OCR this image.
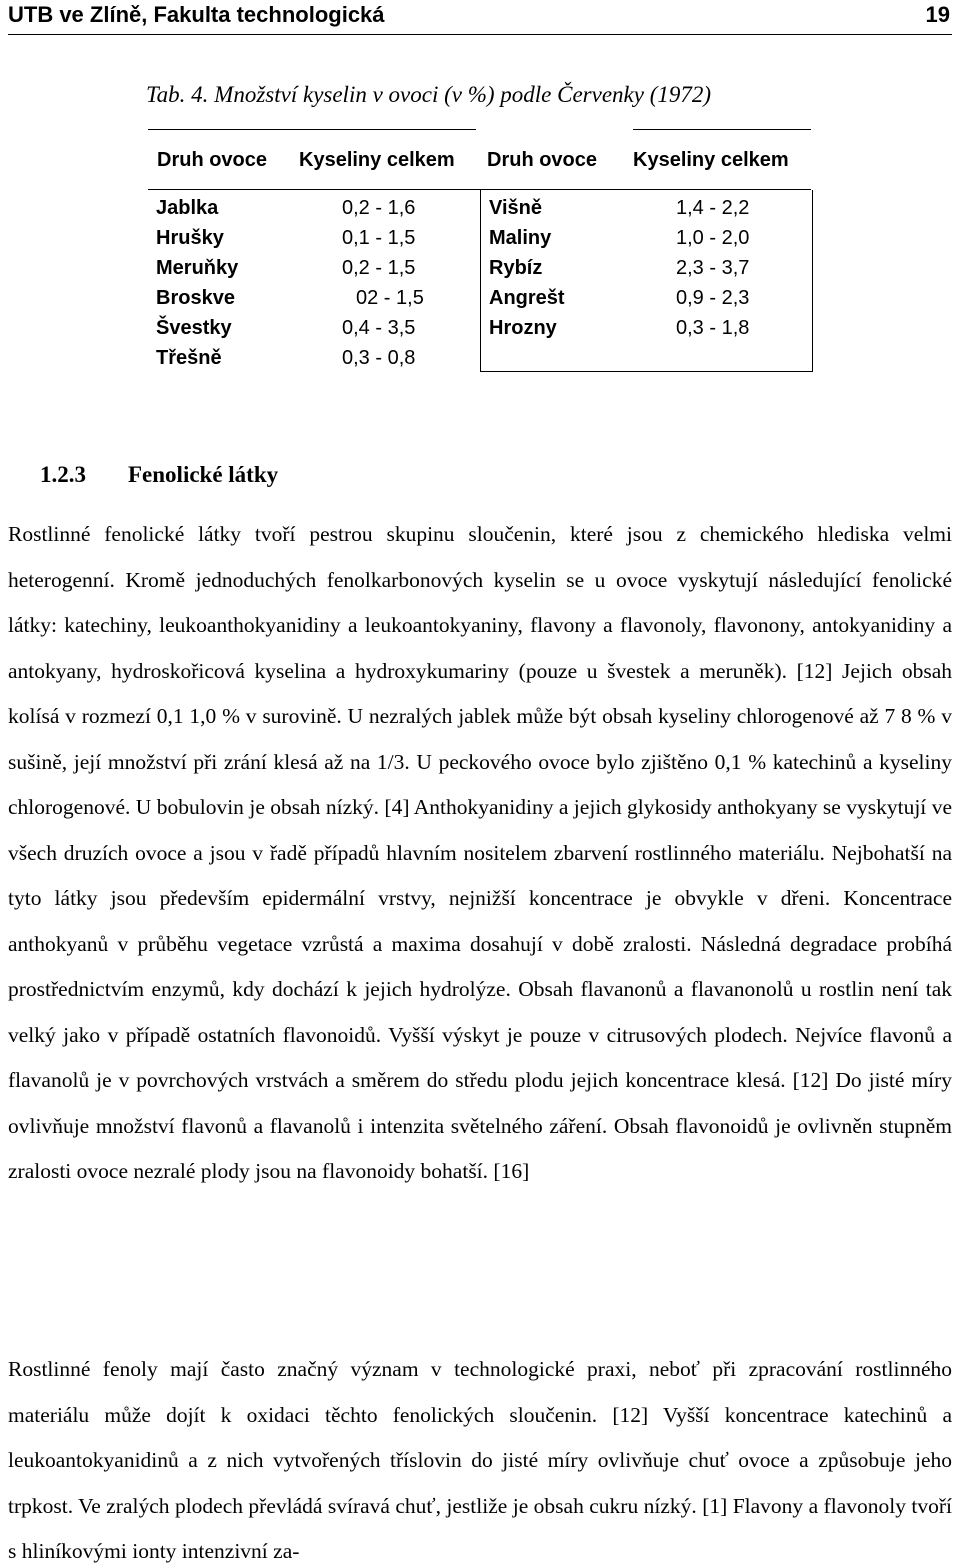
UTB ve Zlíně, Fakulta technologická	19
Tab. 4. Množství kyselin v ovoci (v %) podle Červenky (1972)
Druh ovoce Kyseliny celkem Druh ovoce Kyseliny celkem
Jablka	0,2 - 1,6
Hrušky	0,1 - 1,5
Meruňky	0,2 - 1,5
Broskve	02 - 1,5
Švestky	0,4 - 3,5
Třešně	0,3 - 0,8
Višně	1,4 - 2,2
Maliny	1,0 - 2,0
Rybíz	2,3 - 3,7
Angrešt	0,9 - 2,3
Hrozny	0,3 - 1,8
1.2.3 Fenolické látky

Rostlinné fenolické látky tvoří pestrou skupinu sloučenin, které jsou z chemického hlediska velmi heterogenní. Kromě jednoduchých fenolkarbonových kyselin se u ovoce vyskytují následující fenolické látky: katechiny, leukoanthokyanidiny a leukoantokyaniny, flavony a flavonoly, flavonony, antokyanidiny a antokyany, hydroskořicová kyselina a hydroxykumariny (pouze u švestek a meruněk). [12] Jejich obsah kolísá v rozmezí 0,1 1,0 % v surovině. U nezralých jablek může být obsah kyseliny chlorogenové až 7 8 % v sušině, její množství při zrání klesá až na 1/3. U peckového ovoce bylo zjištěno 0,1 % katechinů a kyseliny chlorogenové. U bobulovin je obsah nízký. [4] Anthokyanidiny a jejich glykosidy anthokyany se vyskytují ve všech druzích ovoce a jsou v řadě případů hlavním nositelem zbarvení rostlinného materiálu. Nejbohatší na tyto látky jsou především epidermální vrstvy, nejnižší koncentrace je obvykle v dřeni. Koncentrace anthokyanů v průběhu vegetace vzrůstá a maxima dosahují v době zralosti. Následná degradace probíhá prostřednictvím enzymů, kdy dochází k jejich hydrolýze. Obsah flavanonů a flavanonolů u rostlin není tak velký jako v případě ostatních flavonoidů. Vyšší výskyt je pouze v citrusových plodech. Nejvíce flavonů a flavanolů je v povrchových vrstvách a směrem do středu plodu jejich koncentrace klesá. [12] Do jisté míry ovlivňuje množství flavonů a flavanolů i intenzita světelného záření. Obsah flavonoidů je ovlivněn stupněm zralosti ovoce nezralé plody jsou na flavonoidy bohatší. [16]

Rostlinné fenoly mají často značný význam v technologické praxi, neboť při zpracování rostlinného materiálu může dojít k oxidaci těchto fenolických sloučenin. [12] Vyšší koncentrace katechinů a leukoantokyanidinů a z nich vytvořených tříslovin do jisté míry ovlivňuje chuť ovoce a způsobuje jeho trpkost. Ve zralých plodech převládá svíravá chuť, jestliže je obsah cukru nízký. [1] Flavony a flavonoly tvoří s hliníkovými ionty intenzivní za-
